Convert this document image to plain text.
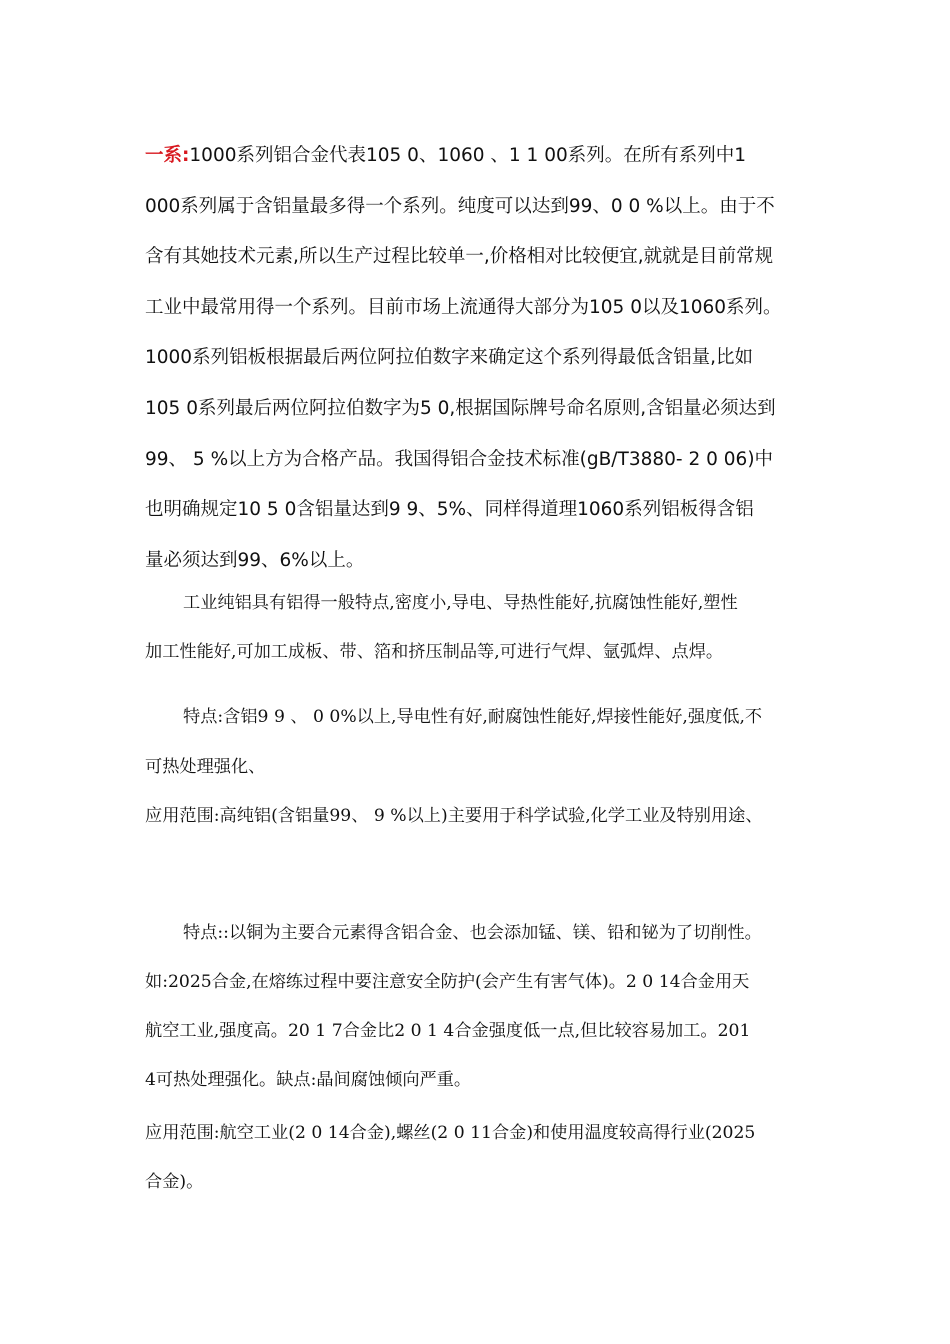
一系:1000系列铝合金代表105 0、1060 、1 1 00系列。在所有系列中1
000系列属于含铝量最多得一个系列。纯度可以达到99、0 0 %以上。由于不
含有其她技术元素,所以生产过程比较单一,价格相对比较便宜,就就是目前常规
工业中最常用得一个系列。目前市场上流通得大部分为105 0以及1060系列。
1000系列铝板根据最后两位阿拉伯数字来确定这个系列得最低含铝量,比如
105 0系列最后两位阿拉伯数字为5 0,根据国际牌号命名原则,含铝量必须达到
99、 5 %以上方为合格产品。我国得铝合金技术标准(gB/T3880- 2 0 06)中
也明确规定10 5 0含铝量达到9 9、5%、同样得道理1060系列铝板得含铝
量必须达到99、6%以上。
工业纯铝具有铝得一般特点,密度小,导电、导热性能好,抗腐蚀性能好,塑性
加工性能好,可加工成板、带、箔和挤压制品等,可进行气焊、氩弧焊、点焊。
特点:含铝9 9 、 0 0%以上,导电性有好,耐腐蚀性能好,焊接性能好,强度低,不
可热处理强化、
应用范围:高纯铝(含铝量99、 9 %以上)主要用于科学试验,化学工业及特别用途、
特点::以铜为主要合元素得含铝合金、也会添加锰、镁、铅和铋为了切削性。
如:2025合金,在熔练过程中要注意安全防护(会产生有害气体)。2 0 14合金用天
航空工业,强度高。20 1 7合金比2 0 1 4合金强度低一点,但比较容易加工。201
4可热处理强化。缺点:晶间腐蚀倾向严重。
应用范围:航空工业(2 0 14合金),螺丝(2 0 11合金)和使用温度较高得行业(2025
合金)。
